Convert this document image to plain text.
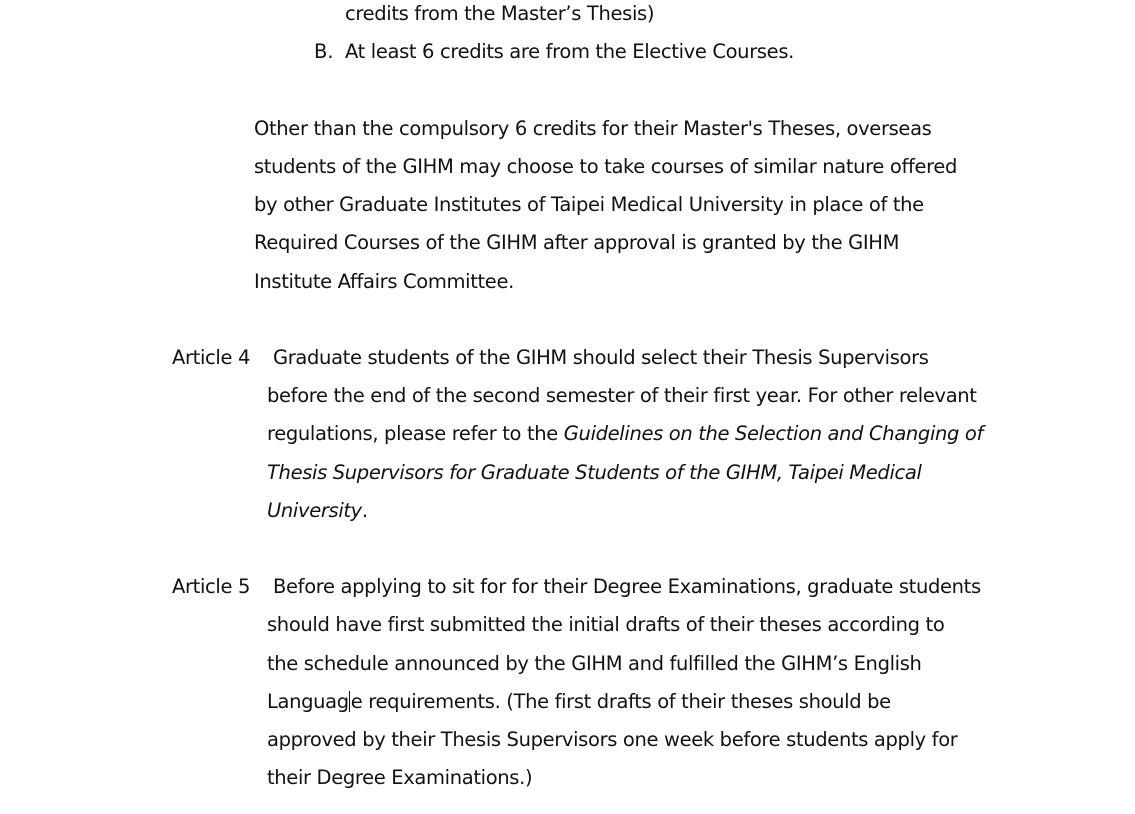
credits from the Master’s Thesis)
B. At least 6 credits are from the Elective Courses.
Other than the compulsory 6 credits for their Master's Theses, overseas
students of the GIHM may choose to take courses of similar nature offered
by other Graduate Institutes of Taipei Medical University in place of the
Required Courses of the GIHM after approval is granted by the GIHM
Institute Affairs Committee.
Article 4 Graduate students of the GIHM should select their Thesis Supervisors
before the end of the second semester of their first year. For other relevant
regulations, please refer to the Guidelines on the Selection and Changing of
Thesis Supervisors for Graduate Students of the GIHM, Taipei Medical
University.
Article 5 Before applying to sit for for their Degree Examinations, graduate students
should have first submitted the initial drafts of their theses according to
the schedule announced by the GIHM and fulfilled the GIHM’s English
Languag e requirements. (The first drafts of their theses should be
approved by their Thesis Supervisors one week before students apply for
their Degree Examinations.)
